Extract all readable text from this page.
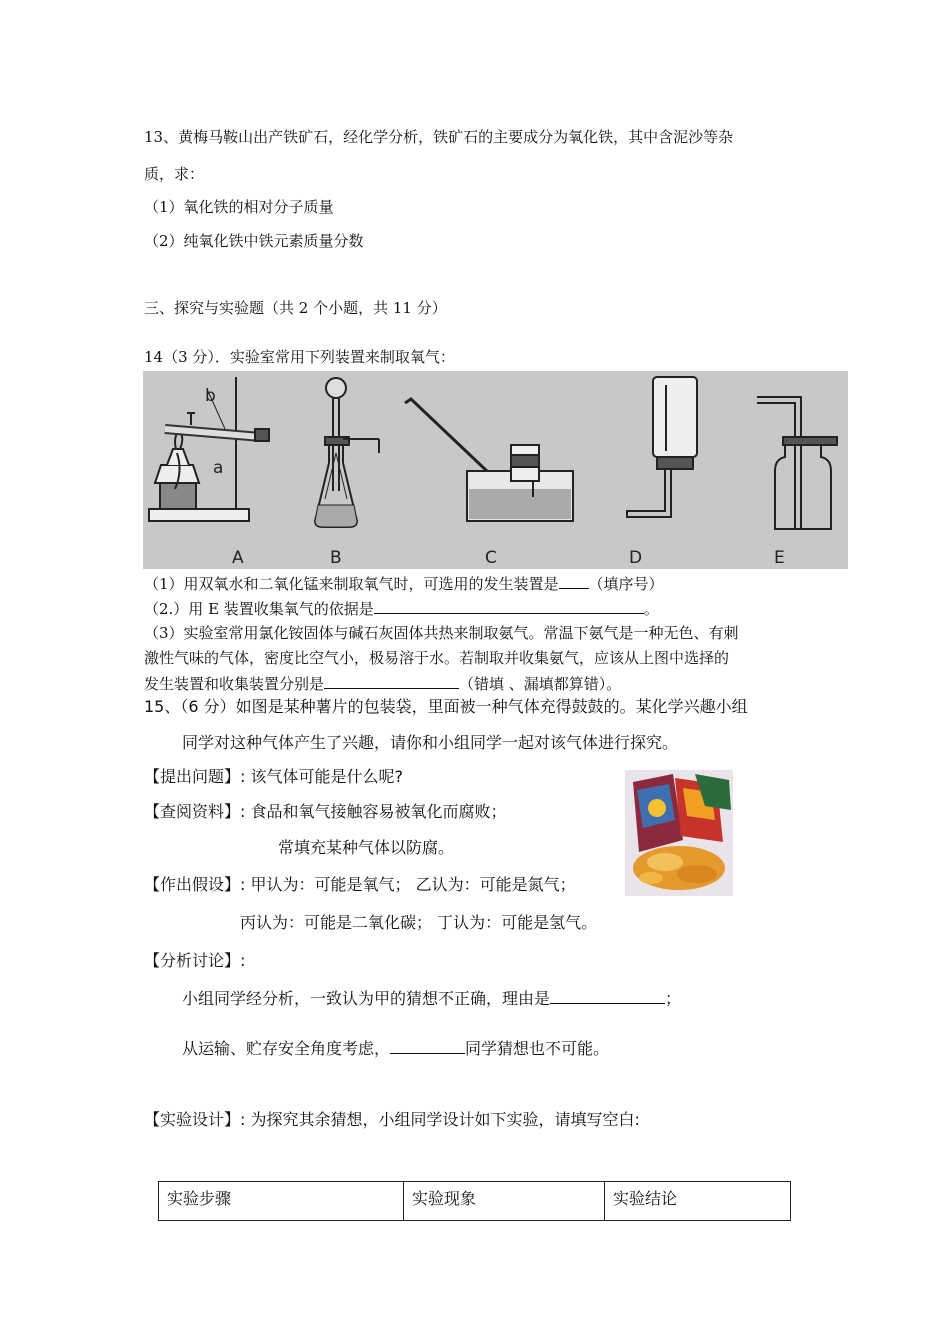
13、黄梅马鞍山出产铁矿石，经化学分析，铁矿石的主要成分为氧化铁，其中含泥沙等杂
质，求：
（1）氧化铁的相对分子质量
（2）纯氧化铁中铁元素质量分数
三、探究与实验题（共 2 个小题，共 11 分）
14（3 分）．实验室常用下列装置来制取氧气：
b
a
A	B	C	D	E
（1）用双氧水和二氧化锰来制取氧气时，可选用的发生装置是 （填序号）
（2.）用 E 装置收集氧气的依据是	。
（3）实验室常用氯化铵固体与碱石灰固体共热来制取氨气。常温下氨气是一种无色、有刺
激性气味的气体，密度比空气小，极易溶于水。若制取并收集氨气，应该从上图中选择的
发生装置和收集装置分别是	（错填 、漏填都算错）。
15、（6 分）如图是某种薯片的包装袋，里面被一种气体充得鼓鼓的。某化学兴趣小组
同学对这种气体产生了兴趣，请你和小组同学一起对该气体进行探究。
【提出问题】: 该气体可能是什么呢?
【查阅资料】: 食品和氧气接触容易被氧化而腐败；
常填充某种气体以防腐。
【作出假设】: 甲认为：可能是氧气； 乙认为：可能是氮气；
丙认为：可能是二氧化碳； 丁认为：可能是氢气。
【分析讨论】:
小组同学经分析，一致认为甲的猜想不正确，理由是	；
从运输、贮存安全角度考虑，	同学猜想也不可能。
【实验设计】: 为探究其余猜想，小组同学设计如下实验，请填写空白:
实验步骤	实验现象	实验结论
